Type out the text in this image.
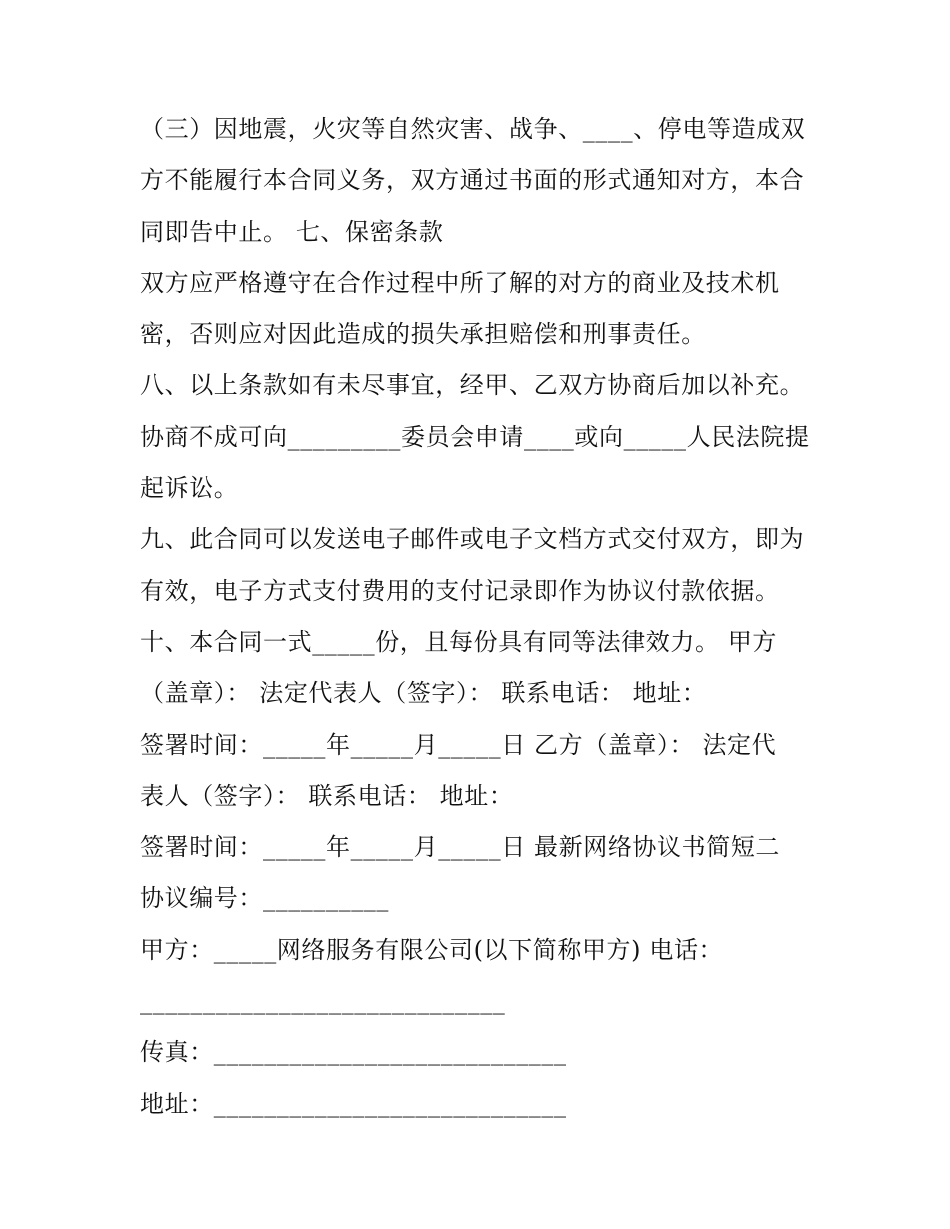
（三）因地震，火灾等自然灾害、战争、____、停电等造成双
方不能履行本合同义务，双方通过书面的形式通知对方，本合
同即告中止。 七、保密条款
双方应严格遵守在合作过程中所了解的对方的商业及技术机
密，否则应对因此造成的损失承担赔偿和刑事责任。
八、以上条款如有未尽事宜，经甲、乙双方协商后加以补充。
协商不成可向_________委员会申请____或向_____人民法院提
起诉讼。
九、此合同可以发送电子邮件或电子文档方式交付双方，即为
有效，电子方式支付费用的支付记录即作为协议付款依据。
十、本合同一式_____份，且每份具有同等法律效力。 甲方
（盖章）： 法定代表人（签字）： 联系电话： 地址：
签署时间：_____年_____月_____日 乙方（盖章）： 法定代
表人（签字）： 联系电话： 地址：
签署时间：_____年_____月_____日 最新网络协议书简短二
协议编号：__________
甲方：_____网络服务有限公司(以下简称甲方) 电话：
_____________________________
传真：____________________________
地址：____________________________
